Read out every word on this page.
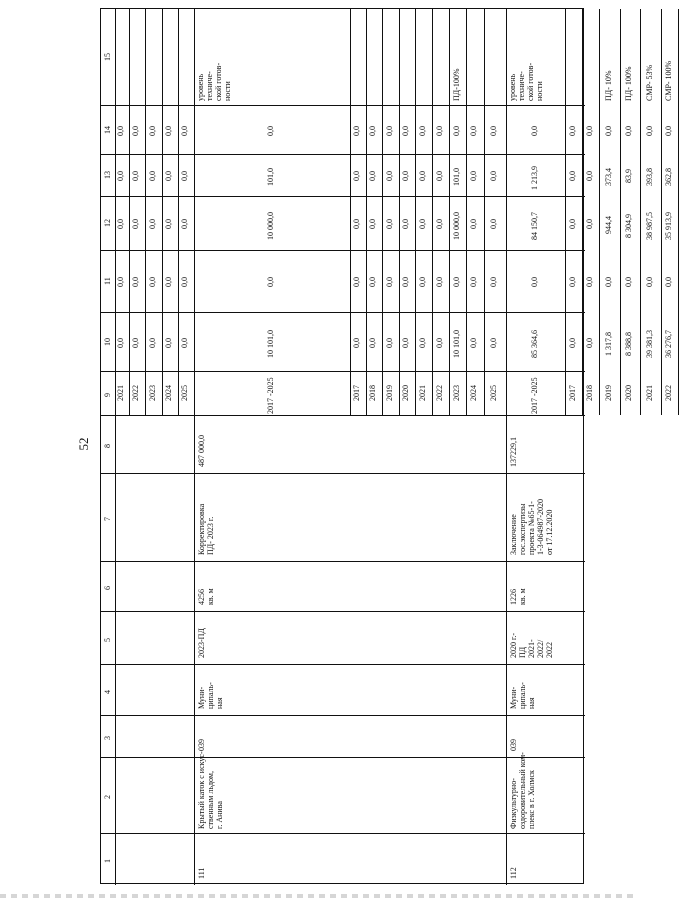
52
1
2
3
4
5
6
7
8
9
10
11
12
13
14
15
0,0
0,0
0,0
0,0
0,0
2021
0,0
0,0
0,0
0,0
0,0
2022
0,0
0,0
0,0
0,0
0,0
2023
0,0
0,0
0,0
0,0
0,0
2024
0,0
0,0
0,0
0,0
0,0
2025
уровень
техниче-
ской готов-
ности
0,0
101,0
10 000,0
0,0
10 101,0
2017 -2025
0,0
0,0
0,0
0,0
0,0
2017
0,0
0,0
0,0
0,0
0,0
2018
0,0
0,0
0,0
0,0
0,0
2019
0,0
0,0
0,0
0,0
0,0
2020
0,0
0,0
0,0
0,0
0,0
2021
0,0
0,0
0,0
0,0
0,0
2022
ПД-100%
0,0
101,0
10 000,0
0,0
10 101,0
2023
0,0
0,0
0,0
0,0
0,0
2024
0,0
0,0
0,0
0,0
0,0
2025
111
Крытый каток с искус-
ственным льдом,
г. Анива
039
Муни-
ципаль-
ная
2023-ПД
4256
кв. м
Корректировка
ПД- 2023 г.
487 000,0
уровень
техниче-
ской готов-
ности
0,0
1 213,9
84 150,7
0,0
85 364,6
2017 -2025
0,0
0,0
0,0
0,0
0,0
2017
0,0
0,0
0,0
0,0
0,0
2018
ПД- 10%
0,0
373,4
944,4
0,0
1 317,8
2019
ПД- 100%
0,0
83,9
8 304,9
0,0
8 388,8
2020
СМР- 53%
0,0
393,8
38 987,5
0,0
39 381,3
2021
СМР- 100%
0,0
362,8
35 913,9
0,0
36 276,7
2022
112
Физкультурно-
оздоровительный ком-
плекс в г. Холмск
039
Муни-
ципаль-
ная
2020 г.-
ПД
2021-
2022/
2022
1226
кв. м
Заключение
гос.экспертизы
проекта №65-1-
1-3-064987-2020
от 17.12.2020
137229,1
